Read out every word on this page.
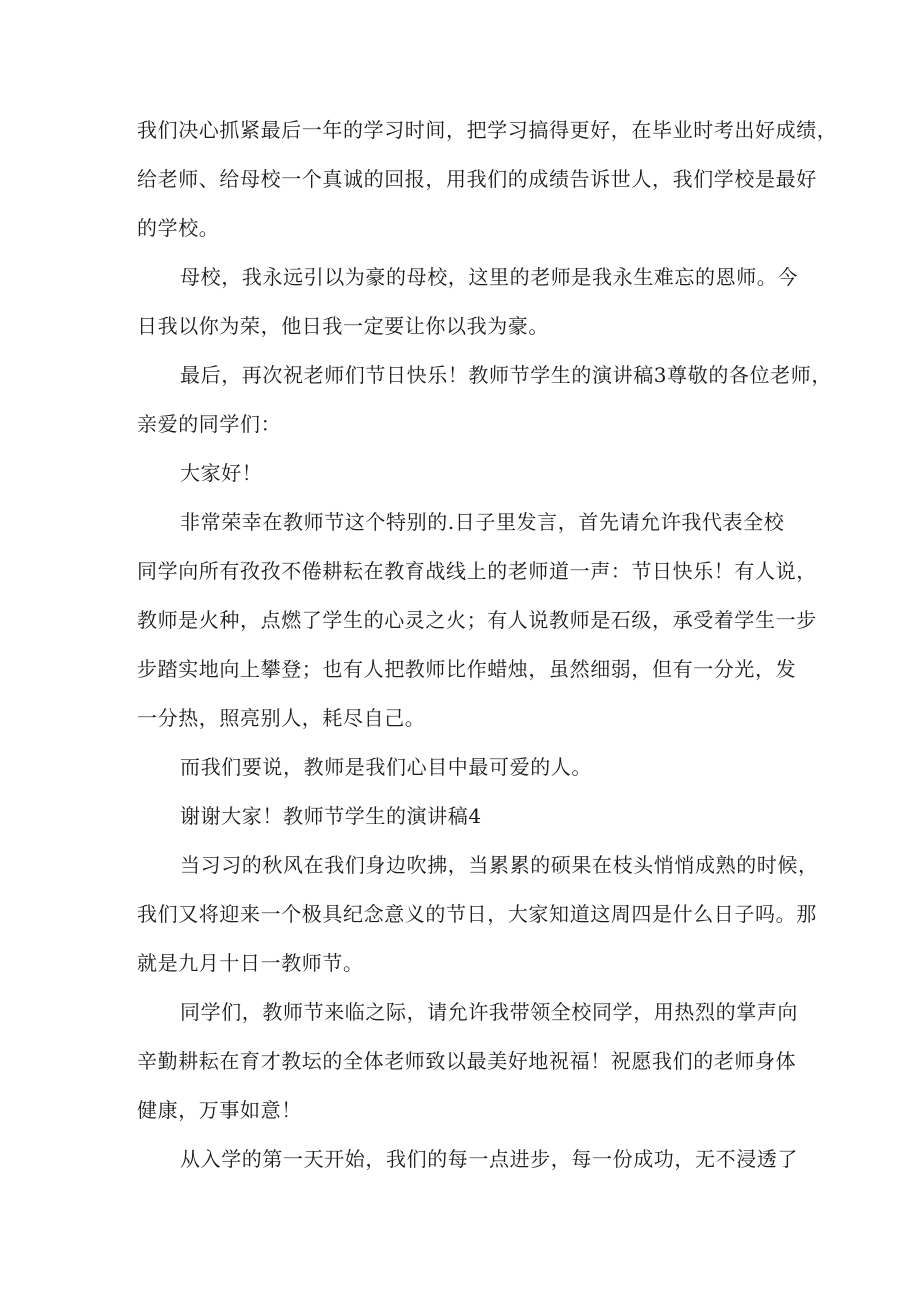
我们决心抓紧最后一年的学习时间，把学习搞得更好，在毕业时考出好成绩，
给老师、给母校一个真诚的回报，用我们的成绩告诉世人，我们学校是最好
的学校。
母校，我永远引以为豪的母校，这里的老师是我永生难忘的恩师。今
日我以你为荣，他日我一定要让你以我为豪。
最后，再次祝老师们节日快乐！教师节学生的演讲稿3尊敬的各位老师，
亲爱的同学们：
大家好！
非常荣幸在教师节这个特别的.日子里发言，首先请允许我代表全校
同学向所有孜孜不倦耕耘在教育战线上的老师道一声：节日快乐！有人说，
教师是火种，点燃了学生的心灵之火；有人说教师是石级，承受着学生一步
步踏实地向上攀登；也有人把教师比作蜡烛，虽然细弱，但有一分光，发
一分热，照亮别人，耗尽自己。
而我们要说，教师是我们心目中最可爱的人。
谢谢大家！教师节学生的演讲稿4
当习习的秋风在我们身边吹拂，当累累的硕果在枝头悄悄成熟的时候，
我们又将迎来一个极具纪念意义的节日，大家知道这周四是什么日子吗。那
就是九月十日一教师节。
同学们，教师节来临之际，请允许我带领全校同学，用热烈的掌声向
辛勤耕耘在育才教坛的全体老师致以最美好地祝福！祝愿我们的老师身体
健康，万事如意！
从入学的第一天开始，我们的每一点进步，每一份成功，无不浸透了
